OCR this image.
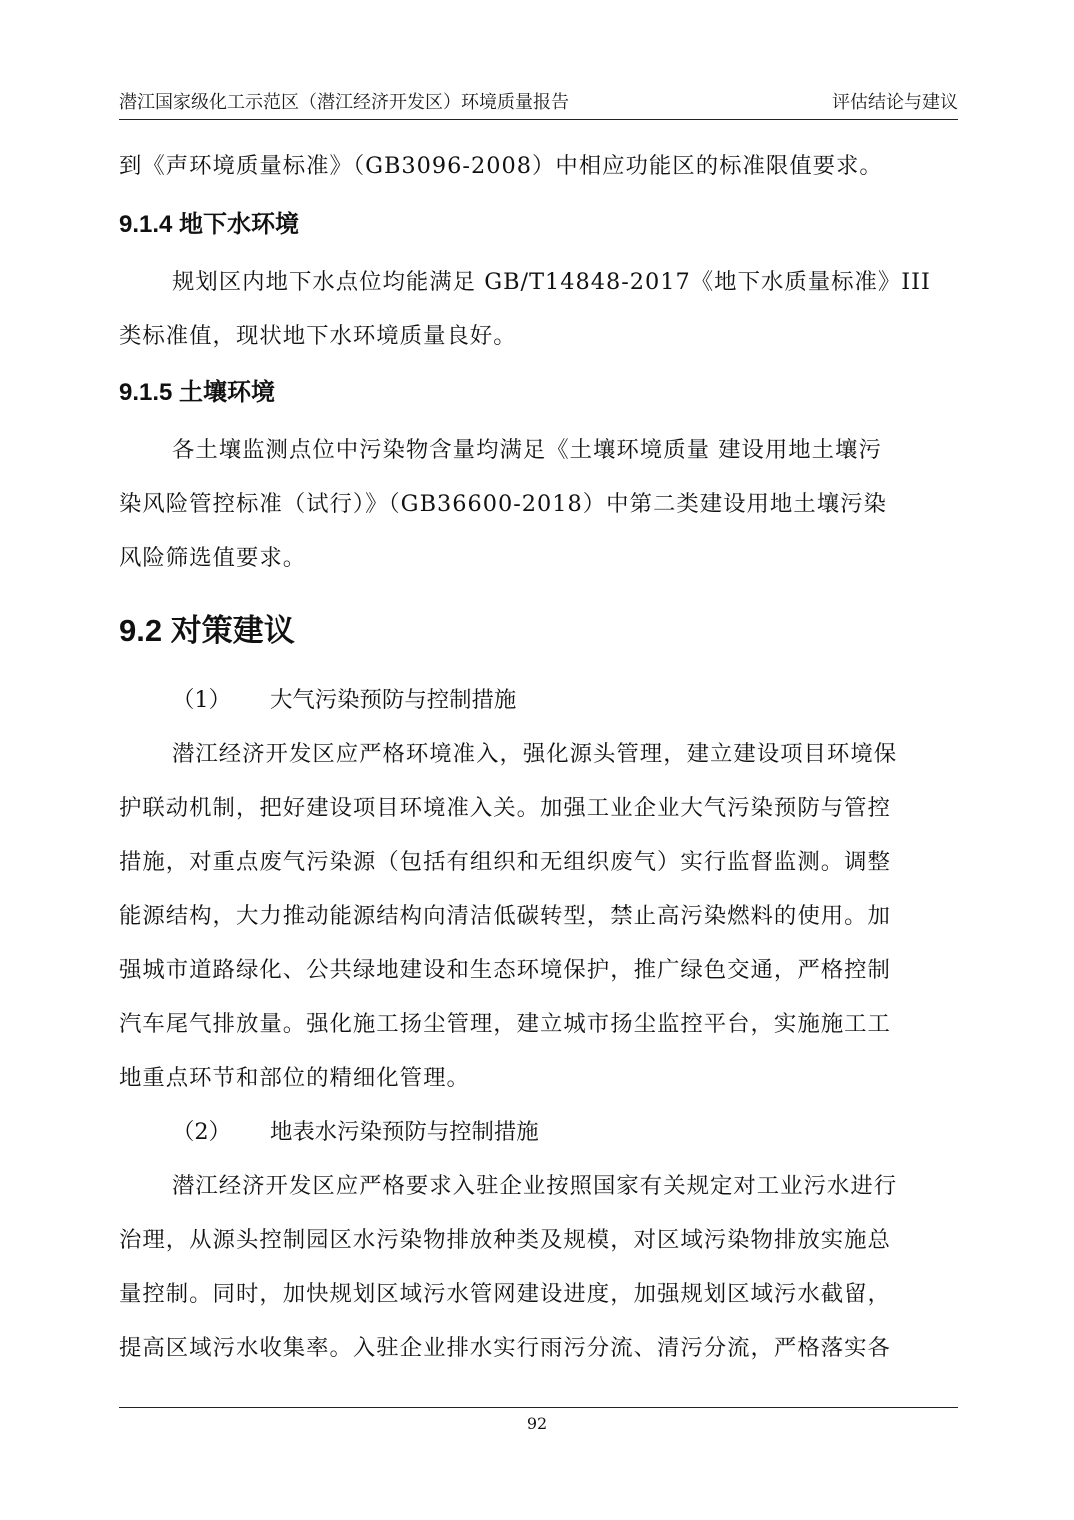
潜江国家级化工示范区（潜江经济开发区）环境质量报告	评估结论与建议

到《声环境质量标准》（GB3096-2008）中相应功能区的标准限值要求。

9.1.4 地下水环境

规划区内地下水点位均能满足 GB/T14848-2017《地下水质量标准》III

类标准值，现状地下水环境质量良好。

9.1.5 土壤环境

各土壤监测点位中污染物含量均满足《土壤环境质量 建设用地土壤污

染风险管控标准（试行）》（GB36600-2018）中第二类建设用地土壤污染

风险筛选值要求。

9.2 对策建议

（1） 大气污染预防与控制措施

潜江经济开发区应严格环境准入，强化源头管理，建立建设项目环境保

护联动机制，把好建设项目环境准入关。加强工业企业大气污染预防与管控

措施，对重点废气污染源（包括有组织和无组织废气）实行监督监测。调整

能源结构，大力推动能源结构向清洁低碳转型，禁止高污染燃料的使用。加

强城市道路绿化、公共绿地建设和生态环境保护，推广绿色交通，严格控制

汽车尾气排放量。强化施工扬尘管理，建立城市扬尘监控平台，实施施工工

地重点环节和部位的精细化管理。

（2） 地表水污染预防与控制措施

潜江经济开发区应严格要求入驻企业按照国家有关规定对工业污水进行

治理，从源头控制园区水污染物排放种类及规模，对区域污染物排放实施总

量控制。同时，加快规划区域污水管网建设进度，加强规划区域污水截留，

提高区域污水收集率。入驻企业排水实行雨污分流、清污分流，严格落实各

92
